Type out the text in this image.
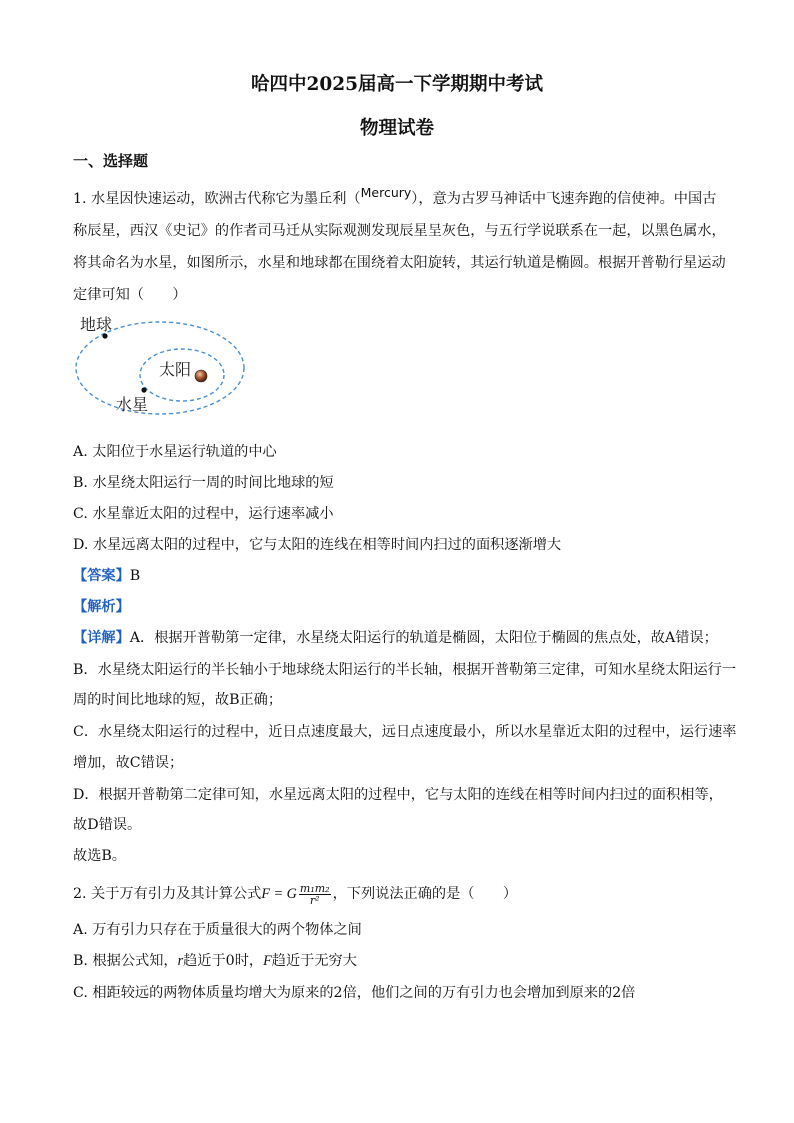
哈四中2025届高一下学期期中考试
物理试卷
一、选择题
1. 水星因快速运动，欧洲古代称它为墨丘利（Mercury），意为古罗马神话中飞速奔跑的信使神。中国古
称辰星，西汉《史记》的作者司马迁从实际观测发现辰星呈灰色，与五行学说联系在一起，以黑色属水，
将其命名为水星，如图所示，水星和地球都在围绕着太阳旋转，其运行轨道是椭圆。根据开普勒行星运动
定律可知（　　）
地球
太阳
水星
A. 太阳位于水星运行轨道的中心
B. 水星绕太阳运行一周的时间比地球的短
C. 水星靠近太阳的过程中，运行速率减小
D. 水星远离太阳的过程中，它与太阳的连线在相等时间内扫过的面积逐渐增大
【答案】B
【解析】
【详解】A．根据开普勒第一定律，水星绕太阳运行的轨道是椭圆，太阳位于椭圆的焦点处，故A错误；
B．水星绕太阳运行的半长轴小于地球绕太阳运行的半长轴，根据开普勒第三定律，可知水星绕太阳运行一
周的时间比地球的短，故B正确；
C．水星绕太阳运行的过程中，近日点速度最大，远日点速度最小，所以水星靠近太阳的过程中，运行速率
增加，故C错误；
D．根据开普勒第二定律可知，水星远离太阳的过程中，它与太阳的连线在相等时间内扫过的面积相等，
故D错误。
故选B。
2. 关于万有引力及其计算公式F = G $\frac{\text{m₁m₂}}{\text{r²}}$ ，下列说法正确的是（　　）
A. 万有引力只存在于质量很大的两个物体之间
B. 根据公式知，r趋近于0时，F趋近于无穷大
C. 相距较远的两物体质量均增大为原来的2倍，他们之间的万有引力也会增加到原来的2倍
